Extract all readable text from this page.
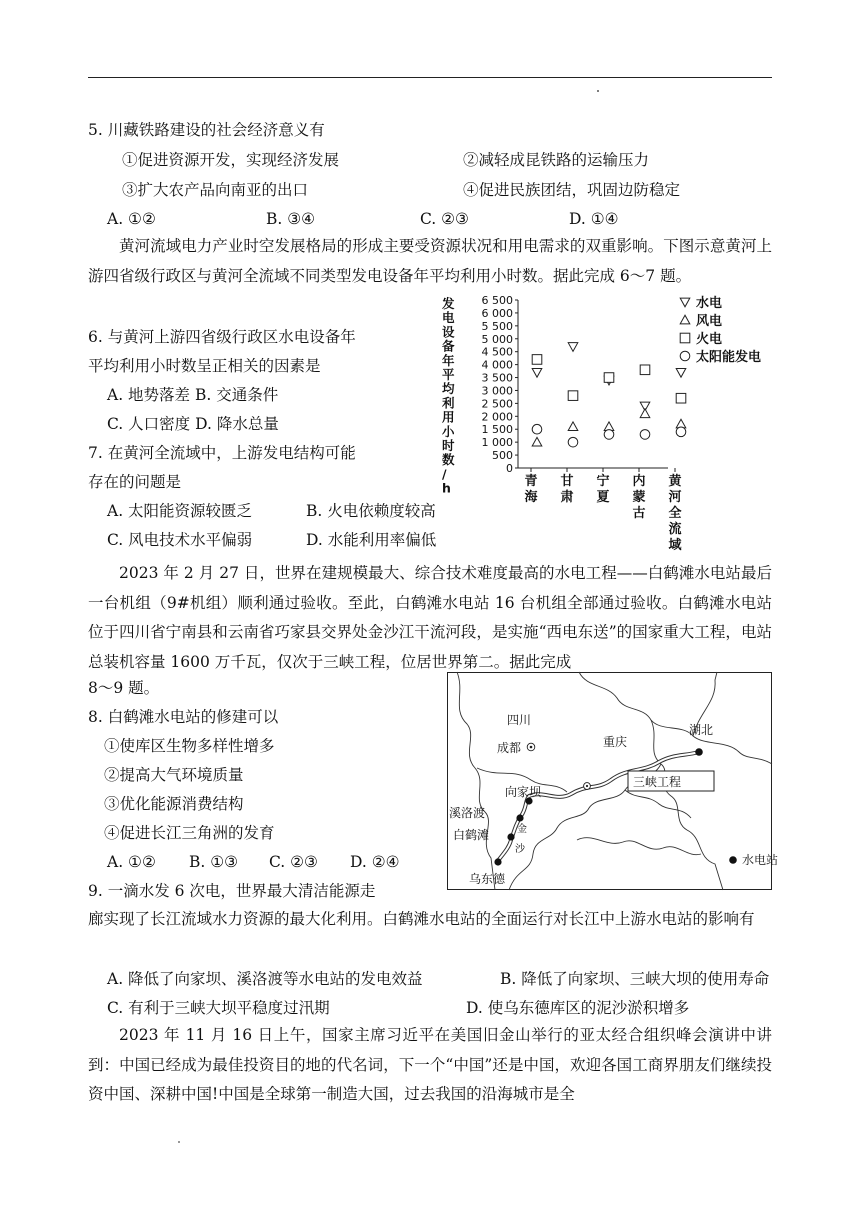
5. 川藏铁路建设的社会经济意义有
①促进资源开发，实现经济发展	②减轻成昆铁路的运输压力
③扩大农产品向南亚的出口	④促进民族团结，巩固边防稳定
A. ①②	B. ③④	C. ②③	D. ①④
黄河流域电力产业时空发展格局的形成主要受资源状况和用电需求的双重影响。下图示意黄河上游四省级行政区与黄河全流域不同类型发电设备年平均利用小时数。据此完成 6～7 题。
发电设备年平均利用小时数/ h
0
500
1 000
1 500
2 000
2 500
3 000
3 500
4 000
4 500
5 000
5 500
6 000
6 500
青海
甘肃
宁夏
内蒙古
黄河全流域
水电
风电
火电
太阳能发电
6. 与黄河上游四省级行政区水电设备年
平均利用小时数呈正相关的因素是
A. 地势落差 B. 交通条件
C. 人口密度 D. 降水总量
7. 在黄河全流域中，上游发电结构可能
存在的问题是
A. 太阳能资源较匮乏	B. 火电依赖度较高
C. 风电技术水平偏弱	D. 水能利用率偏低
2023 年 2 月 27 日，世界在建规模最大、综合技术难度最高的水电工程——白鹤滩水电站最后一台机组（9#机组）顺利通过验收。至此，白鹤滩水电站 16 台机组全部通过验收。白鹤滩水电站位于四川省宁南县和云南省巧家县交界处金沙江干流河段，是实施“西电东送”的国家重大工程，电站总装机容量 1600 万千瓦，仅次于三峡工程，位居世界第二。据此完成
8～9 题。
四川
成都	重庆
湖北
三峡工程
向家坝
溪洛渡
白鹤滩
乌东德
金
沙
水电站
8. 白鹤滩水电站的修建可以
①使库区生物多样性增多
②提高大气环境质量
③优化能源消费结构
④促进长江三角洲的发育
A. ①② B. ①③ C. ②③ D. ②④
9. 一滴水发 6 次电，世界最大清洁能源走
廊实现了长江流域水力资源的最大化利用。白鹤滩水电站的全面运行对长江中上游水电站的影响有
A. 降低了向家坝、溪洛渡等水电站的发电效益	B. 降低了向家坝、三峡大坝的使用寿命
C. 有利于三峡大坝平稳度过汛期	D. 使乌东德库区的泥沙淤积增多
2023 年 11 月 16 日上午，国家主席习近平在美国旧金山举行的亚太经合组织峰会演讲中讲到：中国已经成为最佳投资目的地的代名词，下一个“中国”还是中国，欢迎各国工商界朋友们继续投资中国、深耕中国!中国是全球第一制造大国，过去我国的沿海城市是全
